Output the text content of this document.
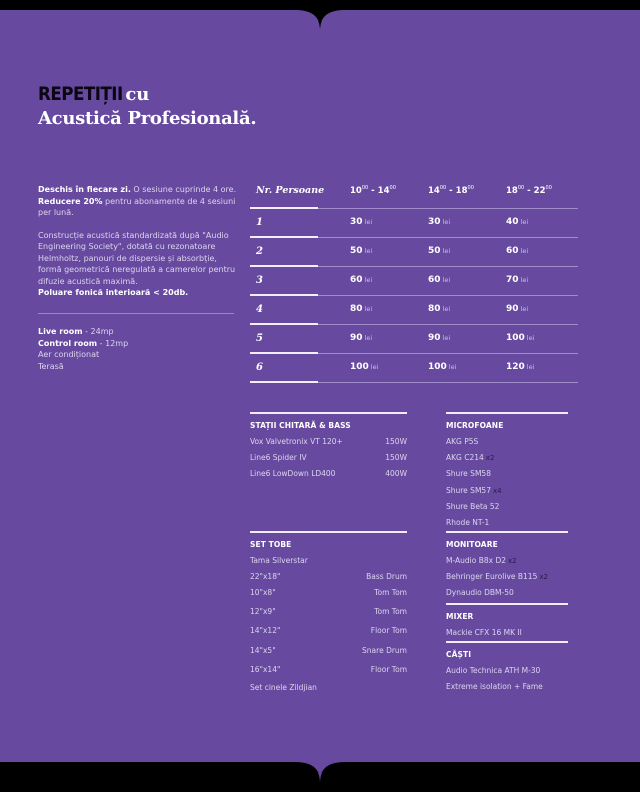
REPETIȚII cu
Acustică Profesională.

Deschis în fiecare zi. O sesiune cuprinde 4 ore.
Reducere 20% pentru abonamente de 4 sesiuni per lună.

Construcție acustică standardizată după "Audio Engineering Society", dotată cu rezonatoare Helmholtz, panouri de dispersie și absorbție, formă geometrică neregulată a camerelor pentru difuzie acustică maximă.
Poluare fonică interioară < 20db.

Live room - 24mp
Control room - 12mp
Aer condiționat
Terasă
Nr. Persoane	$10^{00} - 14^{00}$	$14^{00} - 18^{00}$	$18^{00} - 22^{00}$
1	30 lei	30 lei	40 lei
2	50 lei	50 lei	60 lei
3	60 lei	60 lei	70 lei
4	80 lei	80 lei	90 lei
5	90 lei	90 lei	100 lei
6	100 lei	100 lei	120 lei
STAȚII CHITARĂ & BASS
Vox Valvetronix VT 120+	150W
Line6 Spider IV	150W
Line6 LowDown LD400	400W
MICROFOANE
AKG P5S
AKG C214 x2
Shure SM58
Shure SM57 x4
Shure Beta 52
Rhode NT-1
SET TOBE
Tama Silverstar
22"x18"	Bass Drum
10"x8"	Tom Tom
12"x9"	Tom Tom
14"x12"	Floor Tom
14"x5"	Snare Drum
16"x14"	Floor Tom
Set cinele Zildjian
MONITOARE
M-Audio B8x D2 x2
Behringer Eurolive B115 x2
Dynaudio DBM-50
MIXER
Mackie CFX 16 MK II
CĂȘTI
Audio Technica ATH M-30
Extreme isolation + Fame
